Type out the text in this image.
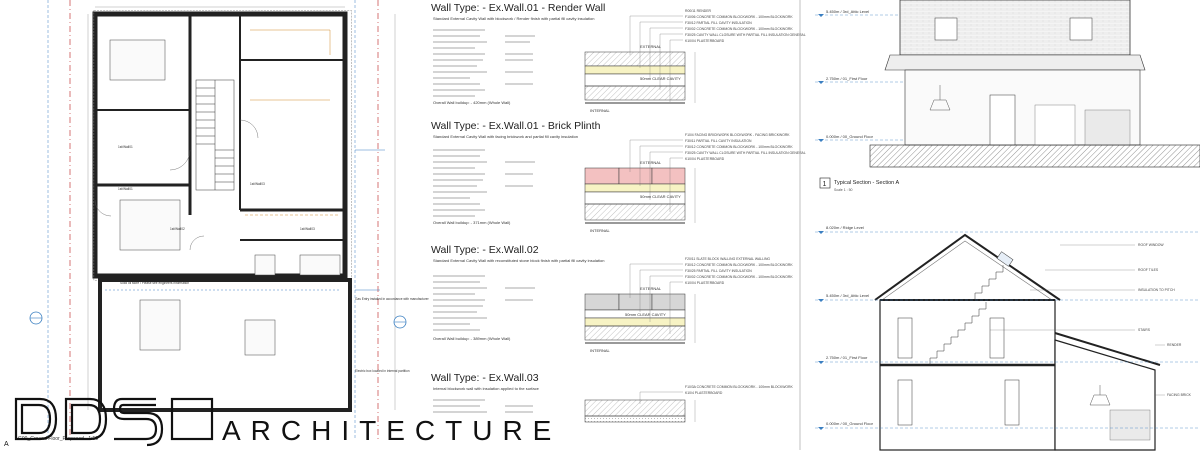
1st/Wall01
1st/Wall03
1st/Wall01
1st/Wall02	1st/Wall03
Solid oil store / Please see engineers information
Gas Entry installed in accordance with manufacturer
Electric box located in internal partition
A
G00_Ground Floor_Proposed - 1:50
Wall Type: - Ex.Wall.01 - Render Wall
Wall Type: - Ex.Wall.01 - Brick Plinth
Wall Type: - Ex.Wall.02
Wall Type: - Ex.Wall.03
Standard External Cavity Wall with blockwork / Render finish with partial fill cavity insulation
Standard External Cavity Wall with facing brickwork and partial fill cavity insulation
Standard External Cavity Wall with reconstituted stone block finish with partial fill cavity insulation
Internal blockwork wall with insulation applied to the surface
Overall Wall buildup: - 420mm (Whole Wall)
Overall Wall buildup: - 371mm (Whole Wall)
Overall Wall buildup: - 389mm (Whole Wall)
EXTERNAL
50mm CLEAR CAVITY
INTERNAL
R00/11 RENDER
F10/06 CONCRETE COMMON BLOCKWORK - 100mm BLOCKWORK
F30/12 PARTIAL FILL CAVITY INSULATION
F30/02 CONCRETE COMMON BLOCKWORK - 100mm BLOCKWORK
F30/25 CAVITY WALL CLOSURE WITH PARTIAL FILL INSULATION GENERAL
K10/04 PLASTERBOARD
EXTERNAL
50mm CLEAR CAVITY
INTERNAL
F10/4 FACING BRICKWORK BLOCKWORK - FACING BRICKWORK
F30/11 PARTIAL FILL CAVITY INSULATION
F30/12 CONCRETE COMMON BLOCKWORK - 100mm BLOCKWORK
F30/25 CAVITY WALL CLOSURE WITH PARTIAL FILL INSULATION GENERAL
K10/04 PLASTERBOARD
EXTERNAL
50mm CLEAR CAVITY
INTERNAL
F20/11 SLATE BLOCK WALLING EXTERNAL WALLING
F30/12 CONCRETE COMMON BLOCKWORK - 100mm BLOCKWORK
F30/25 PARTIAL FILL CAVITY INSULATION
F30/02 CONCRETE COMMON BLOCKWORK - 100mm BLOCKWORK
K10/04 PLASTERBOARD
F10/3A CONCRETE COMMON BLOCKWORK - 100mm BLOCKWORK
K10/4 PLASTERBOARD
5.450m / 3rd_Attic Level
2.750m / 01_First Floor
0.000m / 00_Ground Floor
1 Typical Section - Section A
Scale 1 : 50
8.020m / Ridge Level
5.450m / 3rd_Attic Level
2.750m / 01_First Floor
0.000m / 00_Ground Floor
ROOF WINDOW
ROOF TILES
INSULATION TO PITCH
STAIRS
RENDER
FACING BRICK
DDS ARCHITECTURE
